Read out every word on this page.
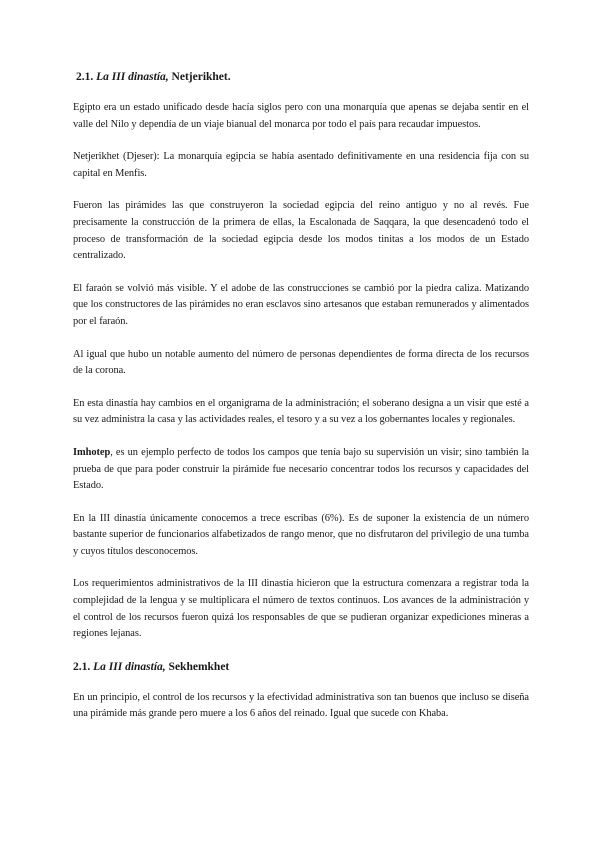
2.1. La III dinastía, Netjerikhet.

Egipto era un estado unificado desde hacía siglos pero con una monarquía que apenas se dejaba sentir en el valle del Nilo y dependía de un viaje bianual del monarca por todo el país para recaudar impuestos.

Netjerikhet (Djeser): La monarquía egipcia se había asentado definitivamente en una residencia fija con su capital en Menfis.

Fueron las pirámides las que construyeron la sociedad egipcia del reino antiguo y no al revés. Fue precisamente la construcción de la primera de ellas, la Escalonada de Saqqara, la que desencadenó todo el proceso de transformación de la sociedad egipcia desde los modos tinitas a los modos de un Estado centralizado.

El faraón se volvió más visible. Y el adobe de las construcciones se cambió por la piedra caliza. Matizando que los constructores de las pirámides no eran esclavos sino artesanos que estaban remunerados y alimentados por el faraón.

Al igual que hubo un notable aumento del número de personas dependientes de forma directa de los recursos de la corona.

En esta dinastía hay cambios en el organigrama de la administración; el soberano designa a un visir que esté a su vez administra la casa y las actividades reales, el tesoro y a su vez a los gobernantes locales y regionales.

Imhotep, es un ejemplo perfecto de todos los campos que tenía bajo su supervisión un visir; sino también la prueba de que para poder construir la pirámide fue necesario concentrar todos los recursos y capacidades del Estado.

En la III dinastía únicamente conocemos a trece escribas (6%). Es de suponer la existencia de un número bastante superior de funcionarios alfabetizados de rango menor, que no disfrutaron del privilegio de una tumba y cuyos títulos desconocemos.

Los requerimientos administrativos de la III dinastía hicieron que la estructura comenzara a registrar toda la complejidad de la lengua y se multiplicara el número de textos continuos. Los avances de la administración y el control de los recursos fueron quizá los responsables de que se pudieran organizar expediciones mineras a regiones lejanas.

2.1. La III dinastía, Sekhemkhet

En un principio, el control de los recursos y la efectividad administrativa son tan buenos que incluso se diseña una pirámide más grande pero muere a los 6 años del reinado. Igual que sucede con Khaba.
